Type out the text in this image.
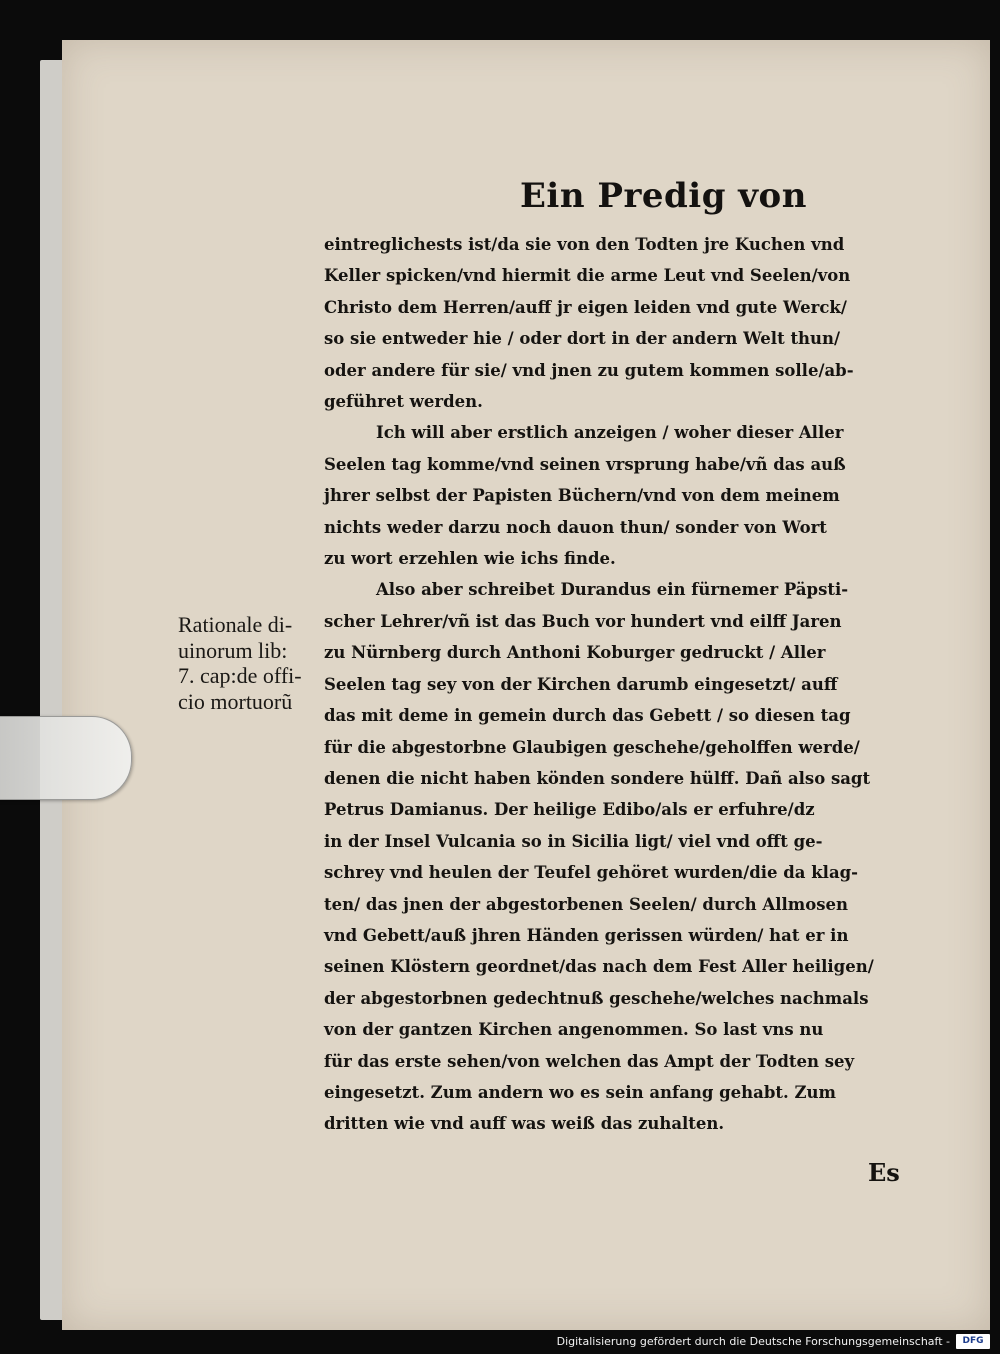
Ein Predig von
Rationale di-
uinorum lib:
7. cap:de offi-
cio mortuorũ
eintreglichests ist/da sie von den Todten jre Kuchen vnd
Keller spicken/vnd hiermit die arme Leut vnd Seelen/von
Christo dem Herren/auff jr eigen leiden vnd gute Werck/
so sie entweder hie / oder dort in der andern Welt thun/
oder andere für sie/ vnd jnen zu gutem kommen solle/ab-
geführet werden.
Ich will aber erstlich anzeigen / woher dieser Aller
Seelen tag komme/vnd seinen vrsprung habe/vñ das auß
jhrer selbst der Papisten Büchern/vnd von dem meinem
nichts weder darzu noch dauon thun/ sonder von Wort
zu wort erzehlen wie ichs finde.
Also aber schreibet Durandus ein fürnemer Päpsti-
scher Lehrer/vñ ist das Buch vor hundert vnd eilff Jaren
zu Nürnberg durch Anthoni Koburger gedruckt / Aller
Seelen tag sey von der Kirchen darumb eingesetzt/ auff
das mit deme in gemein durch das Gebett / so diesen tag
für die abgestorbne Glaubigen geschehe/geholffen werde/
denen die nicht haben könden sondere hülff. Dañ also sagt
Petrus Damianus. Der heilige Edibo/als er erfuhre/dz
in der Insel Vulcania so in Sicilia ligt/ viel vnd offt ge-
schrey vnd heulen der Teufel gehöret wurden/die da klag-
ten/ das jnen der abgestorbenen Seelen/ durch Allmosen
vnd Gebett/auß jhren Händen gerissen würden/ hat er in
seinen Klöstern geordnet/das nach dem Fest Aller heiligen/
der abgestorbnen gedechtnuß geschehe/welches nachmals
von der gantzen Kirchen angenommen. So last vns nu
für das erste sehen/von welchen das Ampt der Todten sey
eingesetzt. Zum andern wo es sein anfang gehabt. Zum
dritten wie vnd auff was weiß das zuhalten.
Es
Digitalisierung gefördert durch die Deutsche Forschungsgemeinschaft -	DFG
